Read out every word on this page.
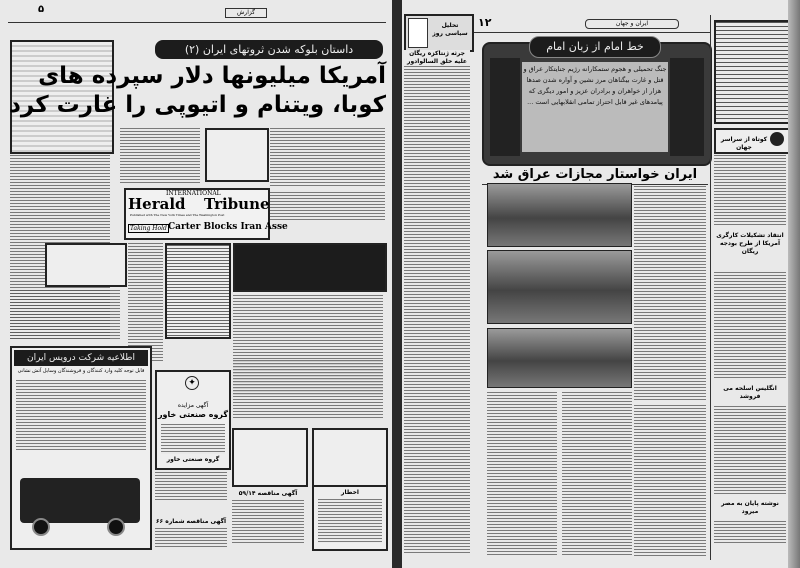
۵	گزارش
داستان بلوکه شدن ثروتهای ایران (۲)
آمریکا میلیونها دلار سپرده های
کوبا، ویتنام و اتیوپی را غارت کرد
INTERNATIONAL
Herald Tribune
Published with The New York Times and The Washington Post
Taking Hold Carter Blocks Iran Asse
اطلاعیه شرکت درویس ایران
قابل توجه کلیه وارد کنندگان و فروشندگان وسایل آتش نشانی
✦
آگهی مزایده
گروه صنعتی خاور
گروه صنعتی خاور
آگهی مناقصه شماره ۶۶
آگهی مناقصه ۵۹/۱۴	اخطار
تحلیل سیاسی روز
جرثه ژنتاکزه ریگان علیه خلق السالوادور
۱۲	ایران و جهان
خط امام از زبان امام
جنگ تحمیلی و هجوم ستمکارانه رژیم جنایتکار عراق و قتل و غارت بیگناهان مرز نشین و آواره شدن صدها هزار از خواهران و برادران عزیز و امور دیگری که پیامدهای غیر قابل احتراز تمامی انقلابهایی است ...
ایران خواستار مجازات عراق شد
کوتاه از سراسر جهان
انتقاد تشکیلات کارگری آمریکا از طرح بودجه ریگان
انگلیس اسلحه می فروشد
نوشته پایان به مصر میرود
